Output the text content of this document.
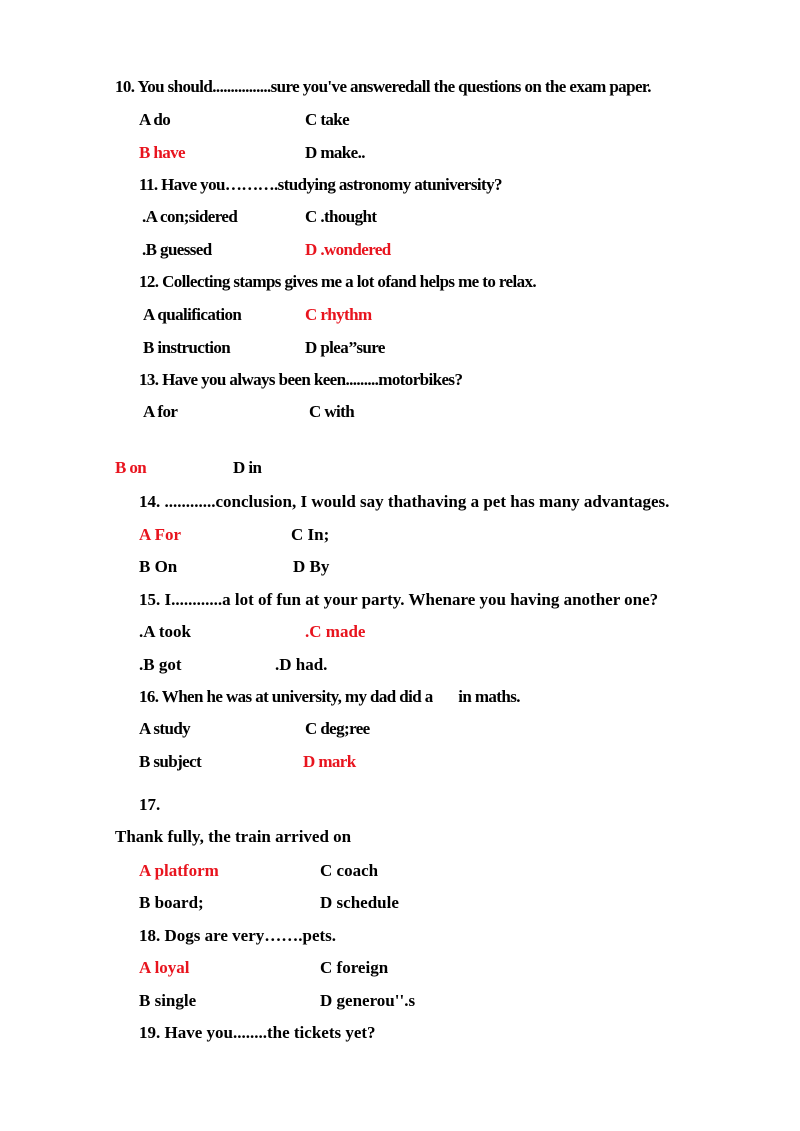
10. You should................sure you've answeredall the questions on the exam paper.
A do	C take
B have	D make..
11. Have you……….studying astronomy atuniversity?
.A con;sidered	C .thought
.B guessed	D .wondered
12. Collecting stamps gives me a lot ofand helps me to relax.
A qualification	C rhythm
B instruction	D plea’’sure
13. Have you always been keen.........motorbikes?
A for	C with
B on	D in
14. ............conclusion, I would say thathaving a pet has many advantages.
A For	C In;
B On	D By
15. I............a lot of fun at your party. Whenare you having another one?
.A took	.C made
.B got	.D had.
16. When he was at university, my dad did a       in maths.
A study	C deg;ree
B subject	D mark
17.
Thank fully, the train arrived on
A platform	C coach
B board;	D schedule
18. Dogs are very…….pets.
A loyal	C foreign
B single	D generou''.s
19. Have you........the tickets yet?
